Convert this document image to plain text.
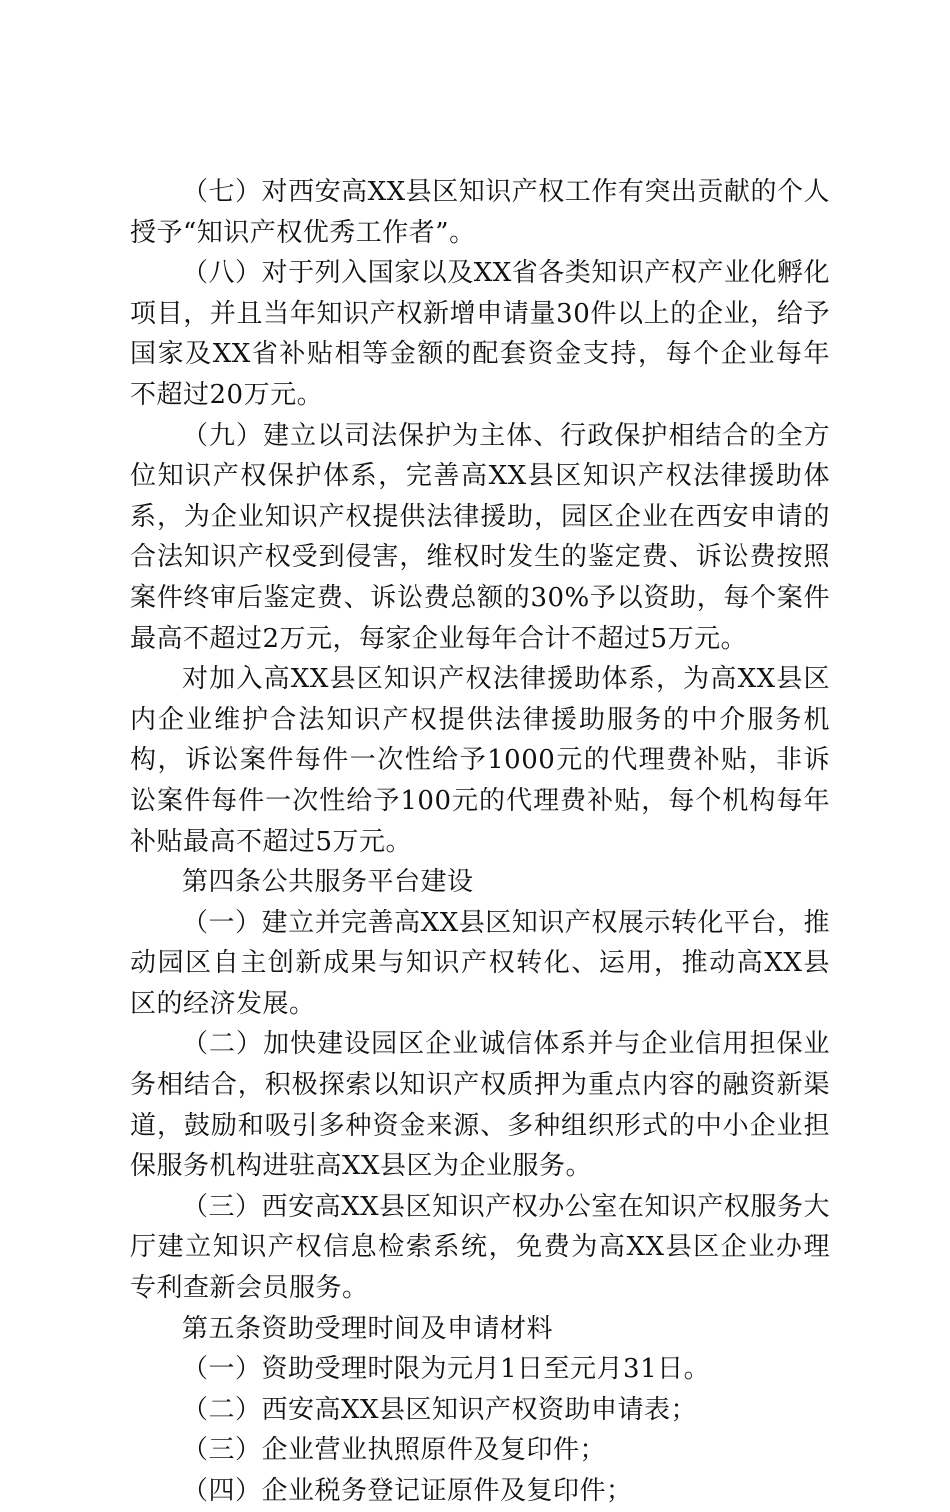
（七）对西安高XX县区知识产权工作有突出贡献的个人授予“知识产权优秀工作者”。

（八）对于列入国家以及XX省各类知识产权产业化孵化项目，并且当年知识产权新增申请量30件以上的企业，给予国家及XX省补贴相等金额的配套资金支持，每个企业每年不超过20万元。

（九）建立以司法保护为主体、行政保护相结合的全方位知识产权保护体系，完善高XX县区知识产权法律援助体系，为企业知识产权提供法律援助，园区企业在西安申请的合法知识产权受到侵害，维权时发生的鉴定费、诉讼费按照案件终审后鉴定费、诉讼费总额的30%予以资助，每个案件最高不超过2万元，每家企业每年合计不超过5万元。

对加入高XX县区知识产权法律援助体系，为高XX县区内企业维护合法知识产权提供法律援助服务的中介服务机构，诉讼案件每件一次性给予1000元的代理费补贴，非诉讼案件每件一次性给予100元的代理费补贴，每个机构每年补贴最高不超过5万元。

第四条公共服务平台建设

（一）建立并完善高XX县区知识产权展示转化平台，推动园区自主创新成果与知识产权转化、运用，推动高XX县区的经济发展。

（二）加快建设园区企业诚信体系并与企业信用担保业务相结合，积极探索以知识产权质押为重点内容的融资新渠道，鼓励和吸引多种资金来源、多种组织形式的中小企业担保服务机构进驻高XX县区为企业服务。

（三）西安高XX县区知识产权办公室在知识产权服务大厅建立知识产权信息检索系统，免费为高XX县区企业办理专利查新会员服务。

第五条资助受理时间及申请材料

（一）资助受理时限为元月1日至元月31日。

（二）西安高XX县区知识产权资助申请表；

（三）企业营业执照原件及复印件；

（四）企业税务登记证原件及复印件；
